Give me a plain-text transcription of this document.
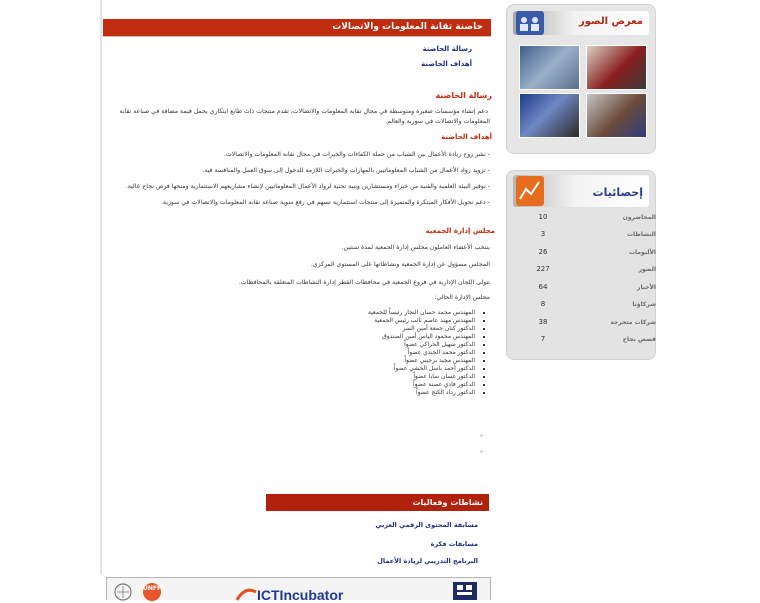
حاضنة تقانة المعلومات والاتصالات
رسالة الحاضنة
أهداف الحاضنة
رسالة الحاضنة
دعم إنشاء مؤسسات صغيرة ومتوسطة في مجال تقانة المعلومات والاتصالات، تقدم منتجات ذات طابع ابتكاري يحمل قيمة مضافة في صناعة تقانة
المعلومات والاتصالات في سورية والعالم.
أهداف الحاضنة
- نشر روح ريادة الأعمال بين الشباب من حملة الكفاءات والخبرات في مجال تقانة المعلومات والاتصالات.
- تزويد رواد الأعمال من الشباب المعلوماتيين بالمهارات والخبرات اللازمة للدخول إلى سوق العمل والمنافسة فيه.
- توفير البيئة العلمية والفنية من خبراء ومستشارين وبنية تحتية لرواد الأعمال المعلوماتيين لإنشاء مشاريعهم الاستثمارية ومنحها فرص نجاح عالية.
- دعم تحويل الأفكار المبتكرة والمتميزة إلى منتجات استثمارية تسهم في رفع سوية صناعة تقانة المعلومات والاتصالات في سورية.
مجلس إدارة الجمعية
ينتخب الأعضاء العاملون مجلس إدارة الجمعية لمدة سنتين.
المجلس مسؤول عن إدارة الجمعية ونشاطاتها على المستوى المركزي.
تتولى اللجان الإدارية في فروع الجمعية في محافظات القطر إدارة النشاطات المتعلقة بالمحافظات.
مجلس الإدارة الحالي:
▪ المهندس محمد حسان النجار رئيساً للجمعية
▪ المهندس مهند عاصم نائب رئيس الجمعية
▪ الدكتور كنان جمعة أمين السر
▪ المهندس محمود الياس أمين الصندوق
▪ الدكتور سهيل الحراكي عضواً
▪ الدكتور محمد الجندي عضواً
▪ المهندس مجيد برجيني عضواً
▪ الدكتور أحمد باسل الخشي عضواً
▪ الدكتور غسان سابا عضواً
▪ الدكتور فادي غصنة عضواً
▪ الدكتور رداد الكنج عضواً
-
-
نشاطات وفعاليات
مسابقة المحتوى الرقمي العربي
مسابقات فكرة
البرنامج التدريبي لريادة الأعمال
UNFPA	ICTIncubator
معرض الصور
إحصائيات
10	المحاضرون
3	النشاطات
26	الألبومات
227	الصور
64	الأخبار
8	شركاؤنا
38	شركات متخرجة
7	قصص نجاح
